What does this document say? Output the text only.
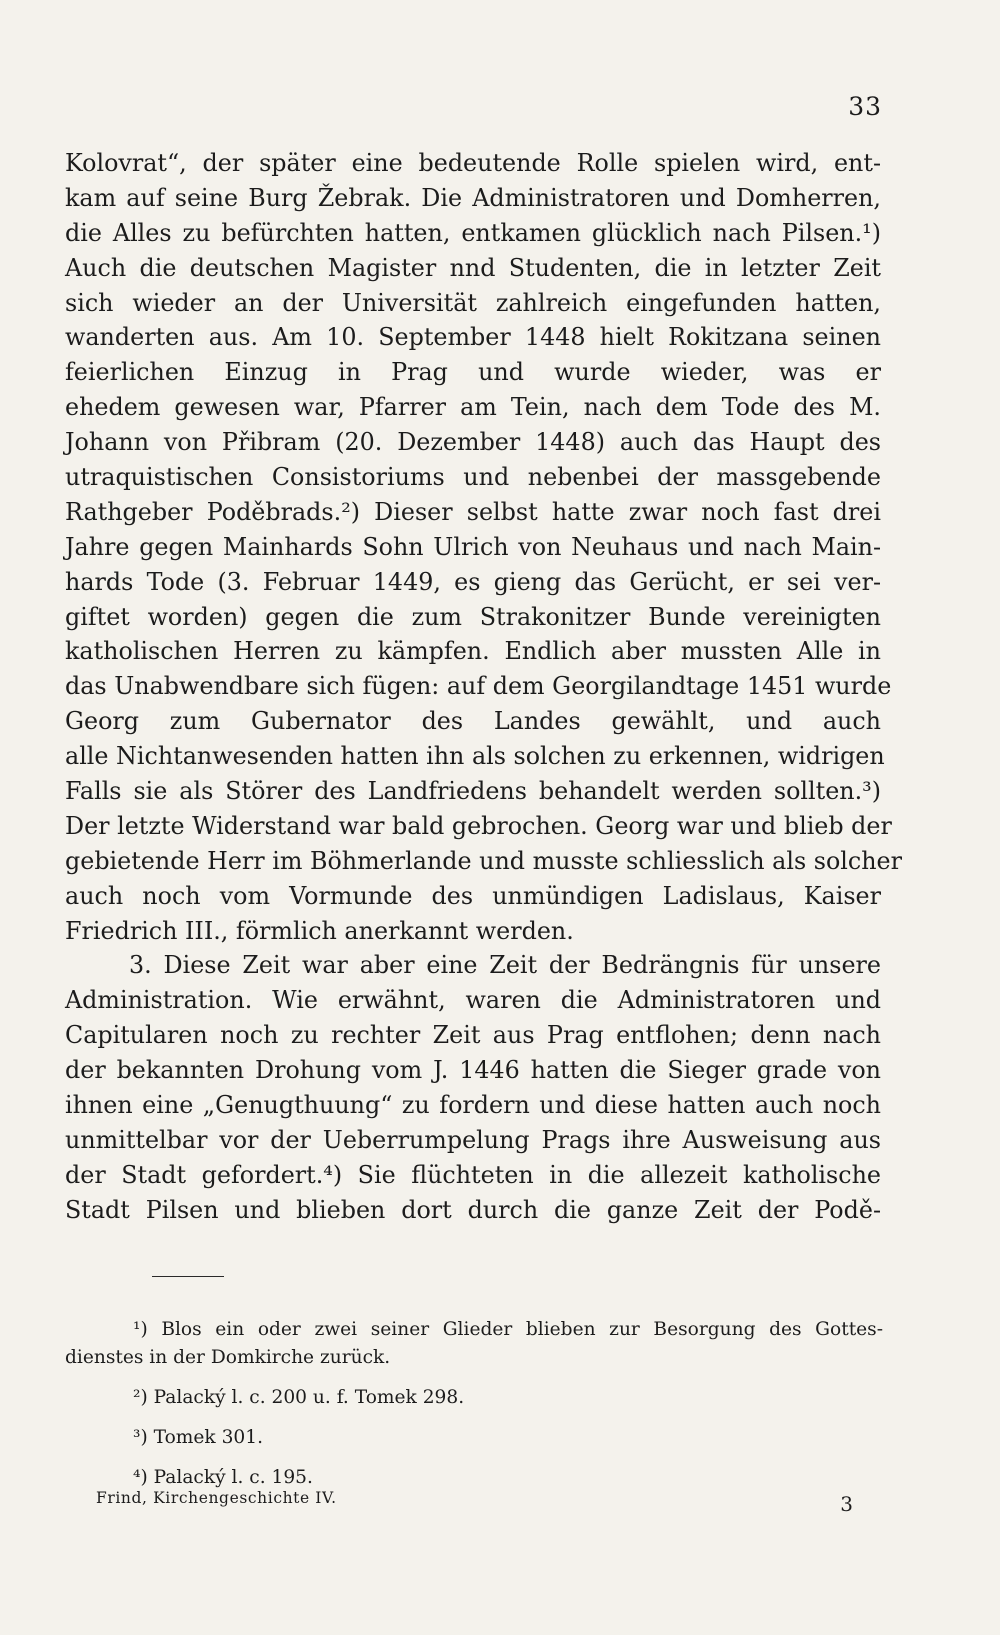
33
Kolovrat“, der später eine bedeutende Rolle spielen wird, ent-
kam auf seine Burg Žebrak. Die Administratoren und Domherren,
die Alles zu befürchten hatten, entkamen glücklich nach Pilsen.¹)
Auch die deutschen Magister nnd Studenten, die in letzter Zeit
sich wieder an der Universität zahlreich eingefunden hatten,
wanderten aus. Am 10. September 1448 hielt Rokitzana seinen
feierlichen Einzug in Prag und wurde wieder, was er
ehedem gewesen war, Pfarrer am Tein, nach dem Tode des M.
Johann von Přibram (20. Dezember 1448) auch das Haupt des
utraquistischen Consistoriums und nebenbei der massgebende
Rathgeber Poděbrads.²) Dieser selbst hatte zwar noch fast drei
Jahre gegen Mainhards Sohn Ulrich von Neuhaus und nach Main-
hards Tode (3. Februar 1449, es gieng das Gerücht, er sei ver-
giftet worden) gegen die zum Strakonitzer Bunde vereinigten
katholischen Herren zu kämpfen. Endlich aber mussten Alle in
das Unabwendbare sich fügen: auf dem Georgilandtage 1451 wurde
Georg zum Gubernator des Landes gewählt, und auch
alle Nichtanwesenden hatten ihn als solchen zu erkennen, widrigen
Falls sie als Störer des Landfriedens behandelt werden sollten.³)
Der letzte Widerstand war bald gebrochen. Georg war und blieb der
gebietende Herr im Böhmerlande und musste schliesslich als solcher
auch noch vom Vormunde des unmündigen Ladislaus, Kaiser
Friedrich III., förmlich anerkannt werden.
3. Diese Zeit war aber eine Zeit der Bedrängnis für unsere
Administration. Wie erwähnt, waren die Administratoren und
Capitularen noch zu rechter Zeit aus Prag entflohen; denn nach
der bekannten Drohung vom J. 1446 hatten die Sieger grade von
ihnen eine „Genugthuung“ zu fordern und diese hatten auch noch
unmittelbar vor der Ueberrumpelung Prags ihre Ausweisung aus
der Stadt gefordert.⁴) Sie flüchteten in die allezeit katholische
Stadt Pilsen und blieben dort durch die ganze Zeit der Podě-
¹) Blos ein oder zwei seiner Glieder blieben zur Besorgung des Gottes-
dienstes in der Domkirche zurück.
²) Palacký l. c. 200 u. f. Tomek 298.
³) Tomek 301.
⁴) Palacký l. c. 195.
Frind, Kirchengeschichte IV.	3
